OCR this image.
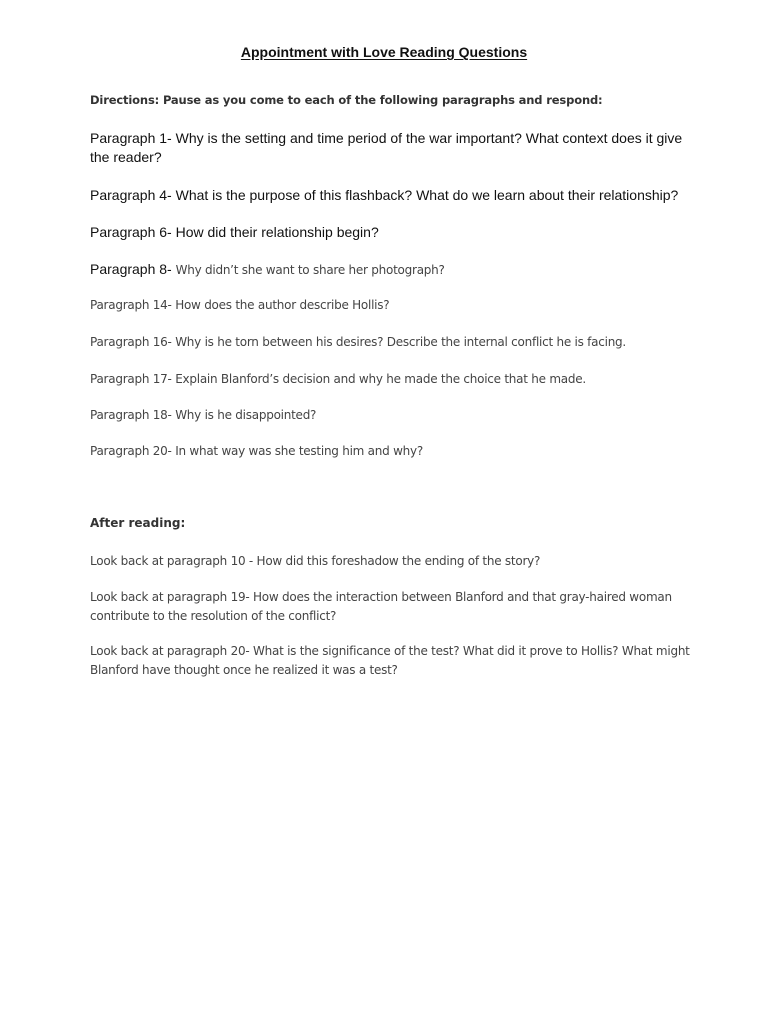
Appointment with Love Reading Questions

Directions: Pause as you come to each of the following paragraphs and respond:

Paragraph 1- Why is the setting and time period of the war important? What context does it give the reader?

Paragraph 4- What is the purpose of this flashback? What do we learn about their relationship?

Paragraph 6- How did their relationship begin?

Paragraph 8- Why didn’t she want to share her photograph?

Paragraph 14- How does the author describe Hollis?

Paragraph 16- Why is he torn between his desires? Describe the internal conflict he is facing.

Paragraph 17- Explain Blanford’s decision and why he made the choice that he made.

Paragraph 18- Why is he disappointed?

Paragraph 20- In what way was she testing him and why?

After reading:

Look back at paragraph 10 - How did this foreshadow the ending of the story?

Look back at paragraph 19- How does the interaction between Blanford and that gray-haired woman contribute to the resolution of the conflict?

Look back at paragraph 20- What is the significance of the test? What did it prove to Hollis? What might Blanford have thought once he realized it was a test?
